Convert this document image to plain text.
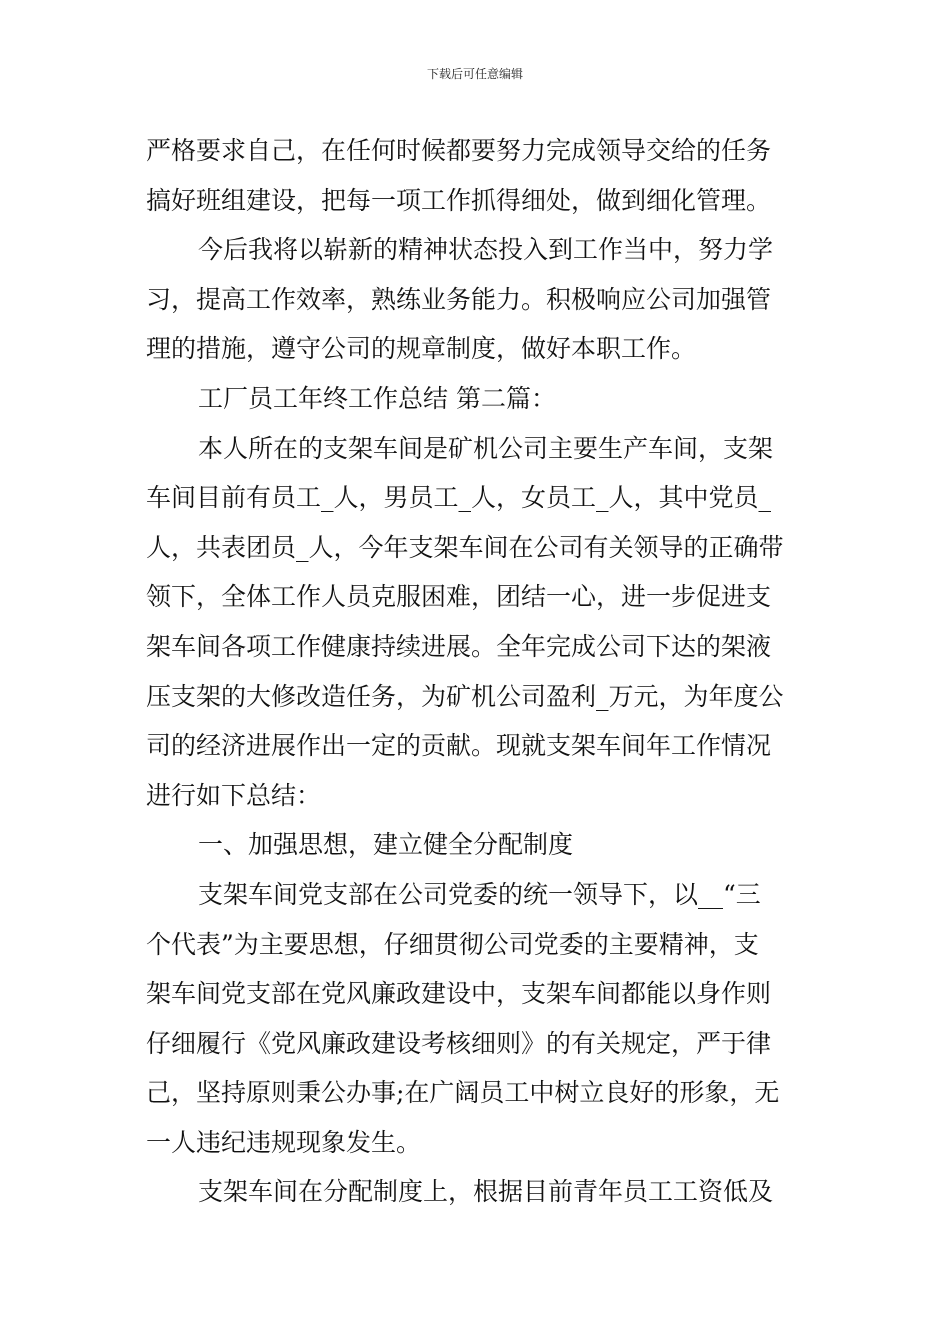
下载后可任意编辑
严格要求自己，在任何时候都要努力完成领导交给的任务
搞好班组建设，把每一项工作抓得细处，做到细化管理。
今后我将以崭新的精神状态投入到工作当中，努力学
习，提高工作效率，熟练业务能力。积极响应公司加强管
理的措施，遵守公司的规章制度，做好本职工作。
工厂员工年终工作总结 第二篇：
本人所在的支架车间是矿机公司主要生产车间，支架
车间目前有员工_人，男员工_人，女员工_人，其中党员_
人，共表团员_人，今年支架车间在公司有关领导的正确带
领下，全体工作人员克服困难，团结一心，进一步促进支
架车间各项工作健康持续进展。全年完成公司下达的架液
压支架的大修改造任务，为矿机公司盈利_万元，为年度公
司的经济进展作出一定的贡献。现就支架车间年工作情况
进行如下总结：
一、加强思想，建立健全分配制度
支架车间党支部在公司党委的统一领导下，以__“三
个代表”为主要思想，仔细贯彻公司党委的主要精神，支
架车间党支部在党风廉政建设中，支架车间都能以身作则
仔细履行《党风廉政建设考核细则》的有关规定，严于律
己，坚持原则秉公办事;在广阔员工中树立良好的形象，无
一人违纪违规现象发生。
支架车间在分配制度上，根据目前青年员工工资低及
